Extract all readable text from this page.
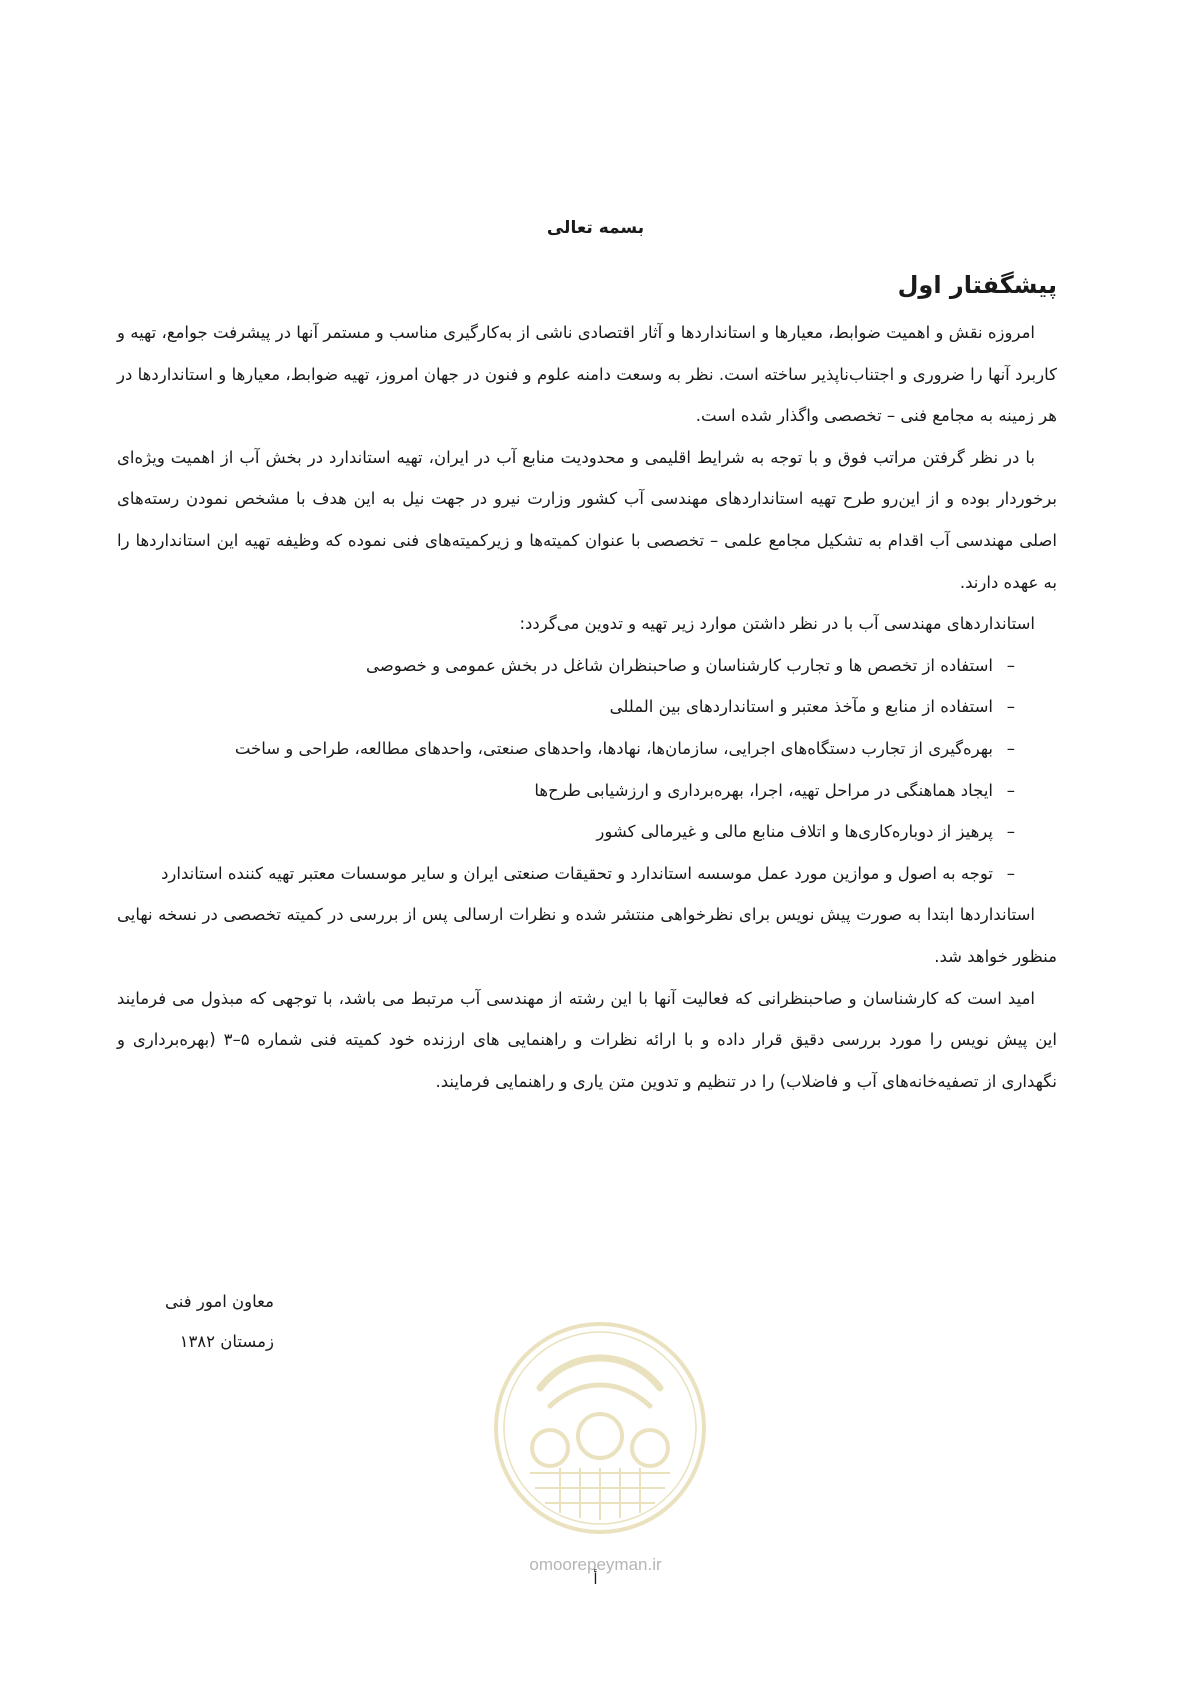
بسمه تعالی
پیشگفتار اول

امروزه نقش و اهمیت ضوابط، معیارها و استانداردها و آثار اقتصادی ناشی از به‌کارگیری مناسب و مستمر آنها در پیشرفت جوامع، تهیه و کاربرد آنها را ضروری و اجتناب‌ناپذیر ساخته است. نظر به وسعت دامنه علوم و فنون در جهان امروز، تهیه ضوابط، معیارها و استانداردها در هر زمینه به مجامع فنی – تخصصی واگذار شده است.

با در نظر گرفتن مراتب فوق و با توجه به شرایط اقلیمی و محدودیت منابع آب در ایران، تهیه استاندارد در بخش آب از اهمیت ویژه‌ای برخوردار بوده و از این‌رو طرح تهیه استانداردهای مهندسی آب کشور وزارت نیرو در جهت نیل به این هدف با مشخص نمودن رسته‌های اصلی مهندسی آب اقدام به تشکیل مجامع علمی – تخصصی با عنوان کمیته‌ها و زیرکمیته‌های فنی نموده که وظیفه تهیه این استانداردها را به عهده دارند.

استانداردهای مهندسی آب با در نظر داشتن موارد زیر تهیه و تدوین می‌گردد:

–
استفاده از تخصص ها و تجارب کارشناسان و صاحبنظران شاغل در بخش عمومی و خصوصی
–
استفاده از منابع و مآخذ معتبر و استانداردهای بین المللی
–
بهره‌گیری از تجارب دستگاه‌های اجرایی، سازمان‌ها، نهادها، واحدهای صنعتی، واحدهای مطالعه، طراحی و ساخت
–
ایجاد هماهنگی در مراحل تهیه، اجرا، بهره‌برداری و ارزشیابی طرح‌ها
–
پرهیز از دوباره‌کاری‌ها و اتلاف منابع مالی و غیرمالی کشور
–
توجه به اصول و موازین مورد عمل موسسه استاندارد و تحقیقات صنعتی ایران و سایر موسسات معتبر تهیه کننده استاندارد

استانداردها ابتدا به صورت پیش نویس برای نظرخواهی منتشر شده و نظرات ارسالی پس از بررسی در کمیته تخصصی در نسخه نهایی منظور خواهد شد.

امید است که کارشناسان و صاحبنظرانی که فعالیت آنها با این رشته از مهندسی آب مرتبط می باشد، با توجهی که مبذول می فرمایند این پیش نویس را مورد بررسی دقیق قرار داده و با ارائه نظرات و راهنمایی های ارزنده خود کمیته فنی شماره ۵–۳ (بهره‌برداری و نگهداری از تصفیه‌خانه‌های آب و فاضلاب) را در تنظیم و تدوین متن یاری و راهنمایی فرمایند.

معاون امور فنی
زمستان ۱۳۸۲
omoorepeyman.ir
أ
